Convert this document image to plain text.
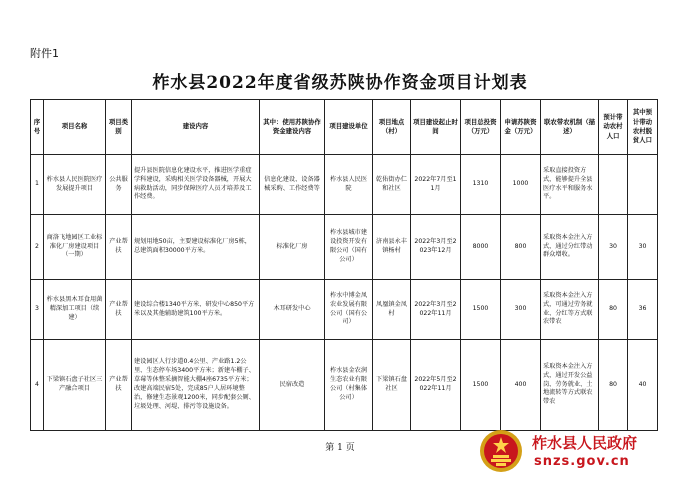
附件1
柞水县2022年度省级苏陕协作资金项目计划表
序号	项目名称	项目类别	建设内容	其中：使用苏陕协作资金建设内容	项目建设单位	项目地点（村）	项目建设起止时间	项目总投资（万元）	申请苏陕资金（万元）	联农带农机制（描述）	预计带动农村人口	其中预计带动农村脱贫人口
1	柞水县人民医院医疗发展提升项目	公共服务	提升县医院信息化建设水平，推进医学重症学科建设，采购相关医学设备器械，开展大病救助活动，同步保障医疗人员才培养及工作经费。	信息化建设、设备器械采购、工作经费等	柞水县人民医院	乾佑街办仁和社区	2022年7月至11月	1310	1000	采取直接投资方式，能够提升全县医疗水平和服务水平。		
2	商洛飞地园区工业标准化厂房建设项目（一期）	产业帮扶	规划用地50亩，主要建设标准化厂房5栋，总建筑面积30000平方米。	标准化厂房	柞水县城市建设投资开发有限公司（国有公司）	济南县永丰镇杨村	2022年3月至2023年12月	8000	800	采取资本金注入方式，通过分红带动群众增收。	30	30
3	柞水县黑木耳食用菌精深加工项目（续建）	产业帮扶	建设综合楼1340平方米、研发中心850平方米以及其他辅助建筑100平方米。	木耳研发中心	柞水中博金凤农业发展有限公司（国有公司）	凤凰镇金凤村	2022年3月至2022年11月	1500	300	采取资本金注入方式，可通过劳务就业、分红等方式联农带农	80	36
4	下梁镇石盘子社区三产融合项目	产业帮扶	建设园区人行步道0.4公里、产业路1.2公里、生态停车场3400平方米；新建车棚子、草莓等休整采摘智能大棚4座6735平方米；改建高端民宿5处，完成85户人居环境整治，修建生态景观1200米，同步配套公厕、垃圾处理、河堤、排污等设施设备。	民宿改造	柞水县金农润生态农业有限公司（村集体公司）	下梁镇石盘社区	2022年5月至2022年11月	1500	400	采取资本金注入方式，通过开发公益岗、劳务就业、土地流转等方式联农带农	80	40
第 1 页	柞水县人民政府
snzs.gov.cn
